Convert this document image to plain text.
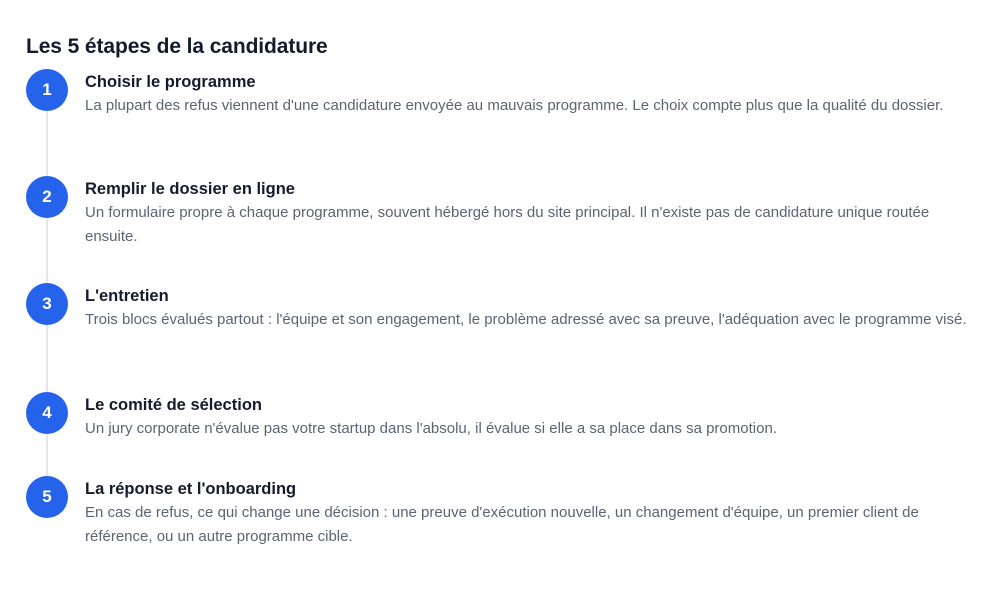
Les 5 étapes de la candidature
1	Choisir le programme

La plupart des refus viennent d'une candidature envoyée au mauvais programme. Le choix compte plus que la qualité du dossier.

2	Remplir le dossier en ligne

Un formulaire propre à chaque programme, souvent hébergé hors du site principal. Il n'existe pas de candidature unique routée ensuite.

3	L'entretien

Trois blocs évalués partout : l'équipe et son engagement, le problème adressé avec sa preuve, l'adéquation avec le programme visé.

4	Le comité de sélection

Un jury corporate n'évalue pas votre startup dans l'absolu, il évalue si elle a sa place dans sa promotion.

5	La réponse et l'onboarding

En cas de refus, ce qui change une décision : une preuve d'exécution nouvelle, un changement d'équipe, un premier client de référence, ou un autre programme cible.
